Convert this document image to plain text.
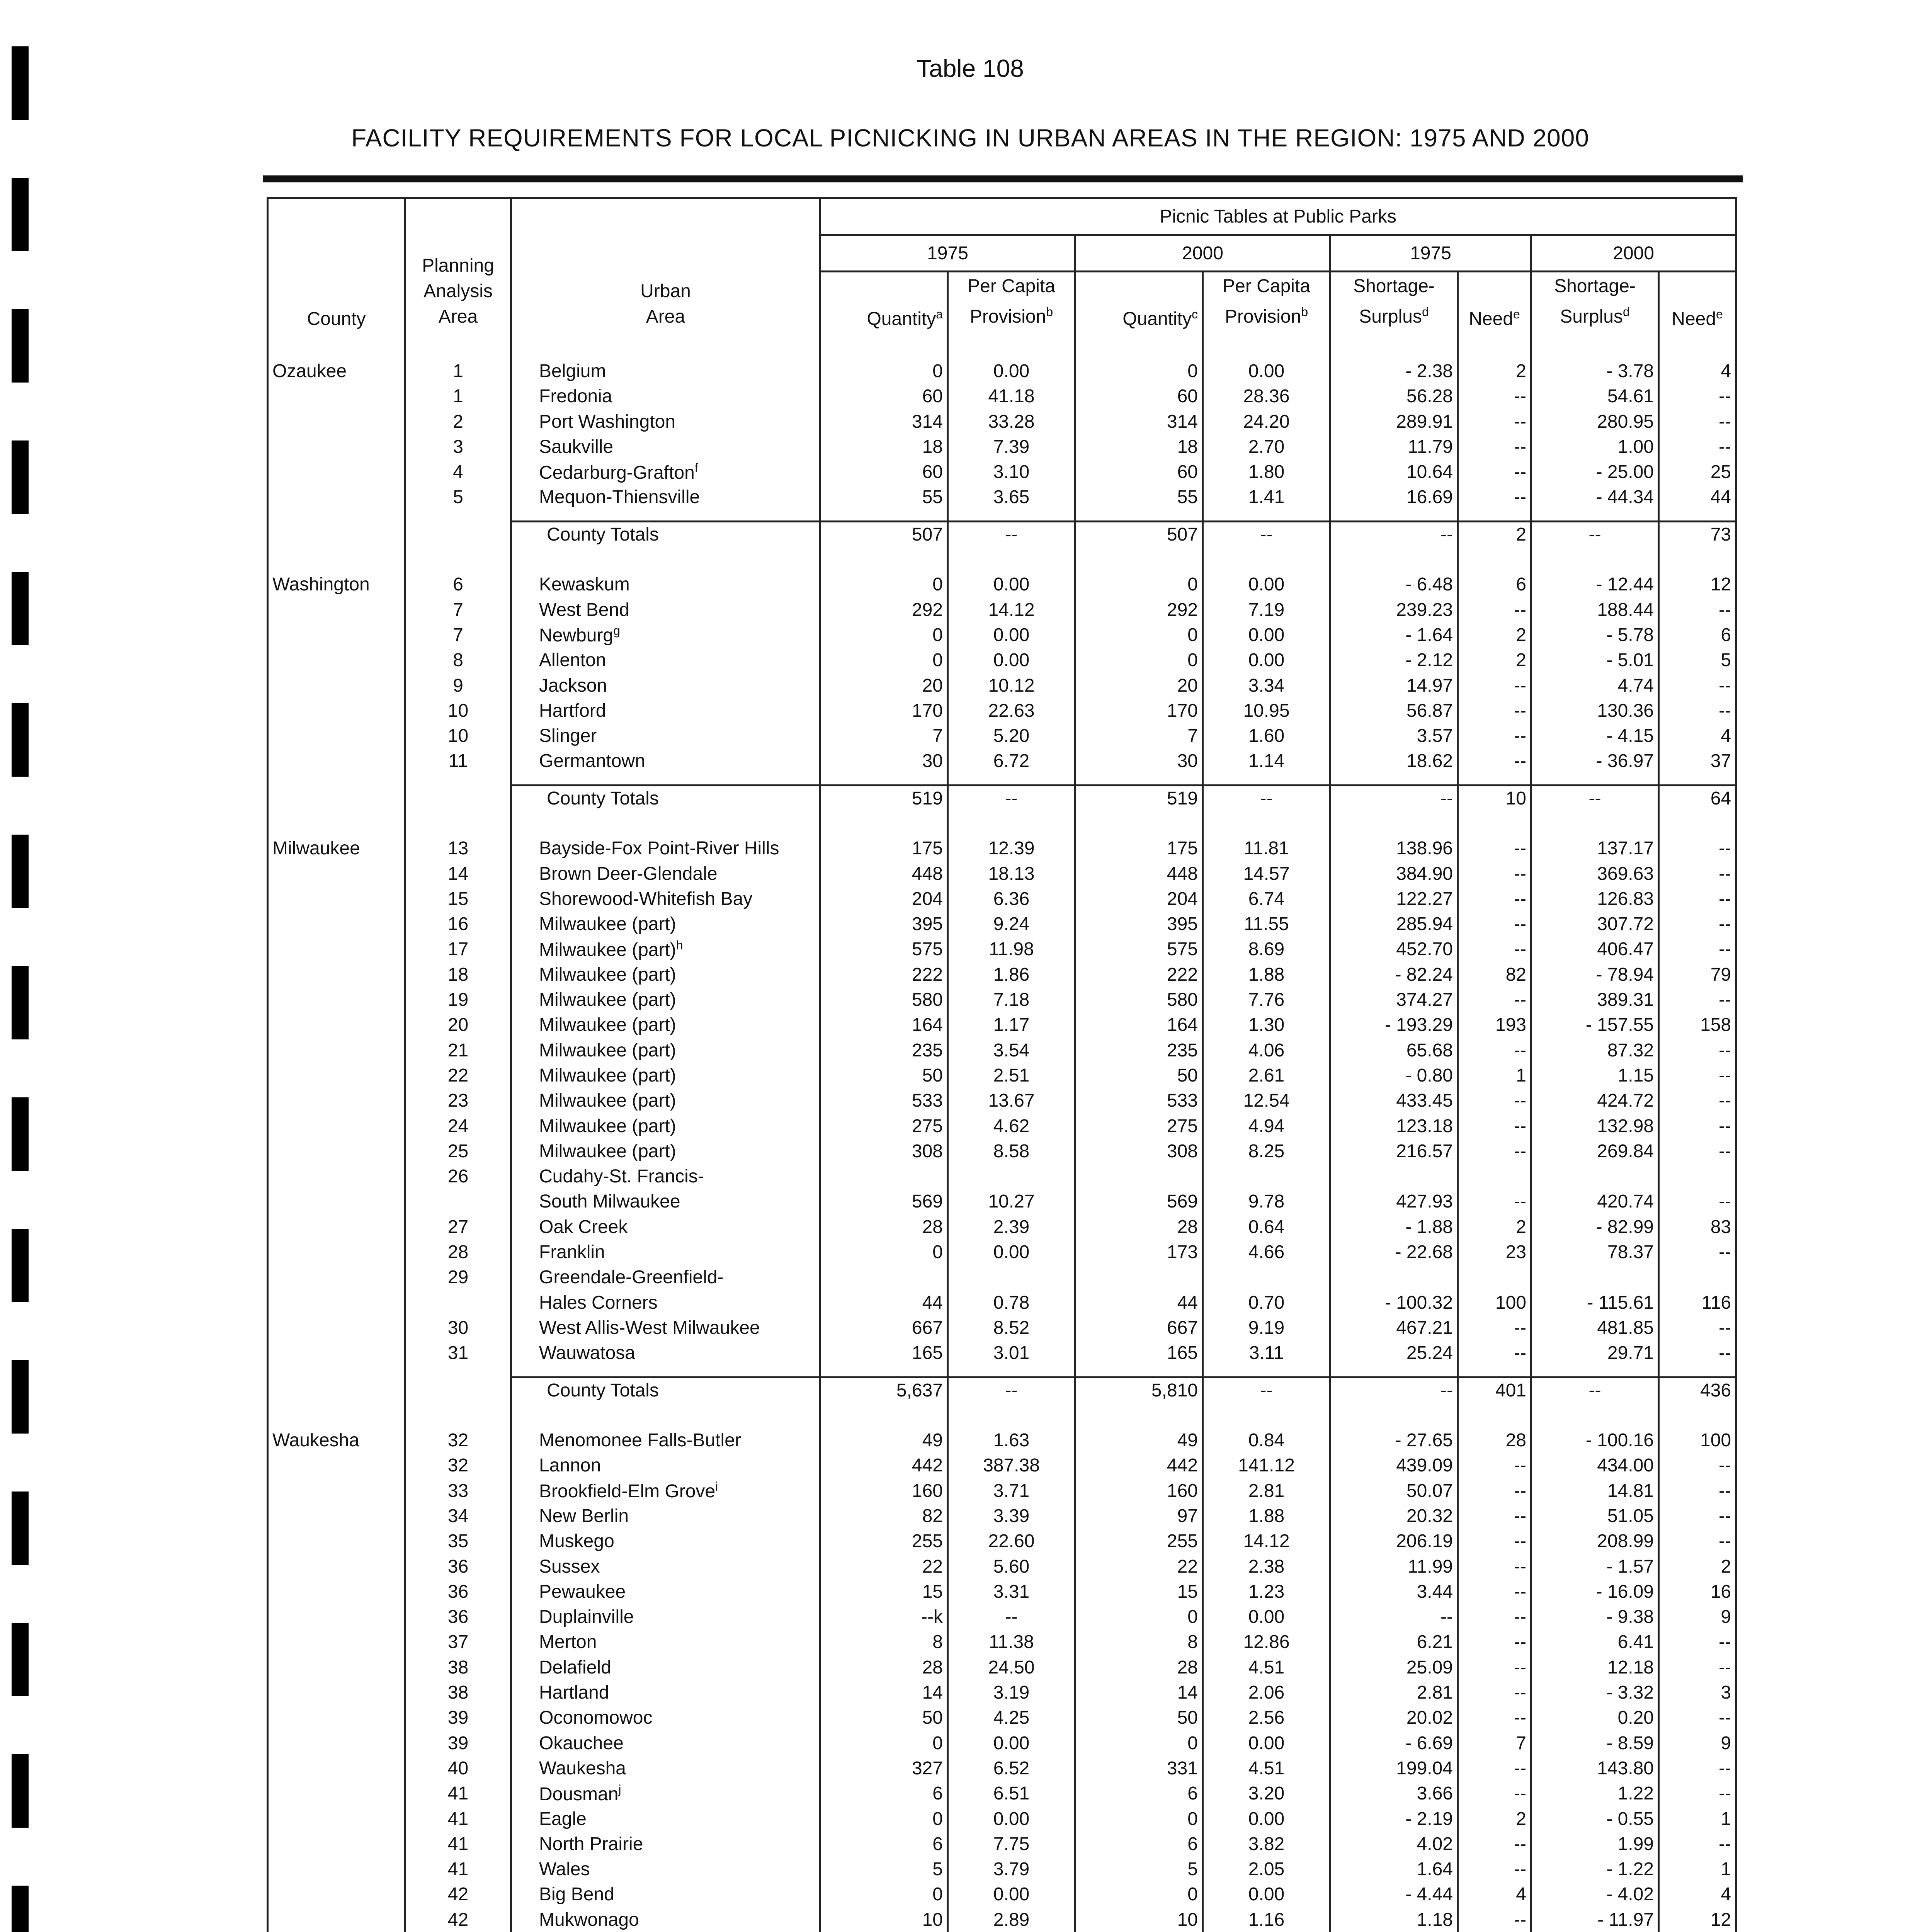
Table 108
FACILITY REQUIREMENTS FOR LOCAL PICNICKING IN URBAN AREAS IN THE REGION: 1975 AND 2000
County	Planning
Analysis
Area	Urban
Area	Picnic Tables at Public Parks							
			1975		2000		1975		2000	
			Quantity$^a$	Per Capita
Provision$^b$	Quantity$^c$	Per Capita
Provision$^b$	Shortage-
Surplus$^d$	Need$^e$	Shortage-
Surplus$^d$	Need$^e$

Ozaukee	1	Belgium	0	0.00	0	0.00	- 2.38	2	- 3.78	4
	1	Fredonia	60	41.18	60	28.36	56.28	--	54.61	--
	2	Port Washington	314	33.28	314	24.20	289.91	--	280.95	--
	3	Saukville	18	7.39	18	2.70	11.79	--	1.00	--
	4	Cedarburg-Grafton$^f$	60	3.10	60	1.80	10.64	--	- 25.00	25
	5	Mequon-Thiensville	55	3.65	55	1.41	16.69	--	- 44.34	44

		County Totals	507	--	507	--	--	2	--	73

Washington	6	Kewaskum	0	0.00	0	0.00	- 6.48	6	- 12.44	12
	7	West Bend	292	14.12	292	7.19	239.23	--	188.44	--
	7	Newburg$^g$	0	0.00	0	0.00	- 1.64	2	- 5.78	6
	8	Allenton	0	0.00	0	0.00	- 2.12	2	- 5.01	5
	9	Jackson	20	10.12	20	3.34	14.97	--	4.74	--
	10	Hartford	170	22.63	170	10.95	56.87	--	130.36	--
	10	Slinger	7	5.20	7	1.60	3.57	--	- 4.15	4
	11	Germantown	30	6.72	30	1.14	18.62	--	- 36.97	37

		County Totals	519	--	519	--	--	10	--	64

Milwaukee	13	Bayside-Fox Point-River Hills	175	12.39	175	11.81	138.96	--	137.17	--
	14	Brown Deer-Glendale	448	18.13	448	14.57	384.90	--	369.63	--
	15	Shorewood-Whitefish Bay	204	6.36	204	6.74	122.27	--	126.83	--
	16	Milwaukee (part)	395	9.24	395	11.55	285.94	--	307.72	--
	17	Milwaukee (part)$^h$	575	11.98	575	8.69	452.70	--	406.47	--
	18	Milwaukee (part)	222	1.86	222	1.88	- 82.24	82	- 78.94	79
	19	Milwaukee (part)	580	7.18	580	7.76	374.27	--	389.31	--
	20	Milwaukee (part)	164	1.17	164	1.30	- 193.29	193	- 157.55	158
	21	Milwaukee (part)	235	3.54	235	4.06	65.68	--	87.32	--
	22	Milwaukee (part)	50	2.51	50	2.61	- 0.80	1	1.15	--
	23	Milwaukee (part)	533	13.67	533	12.54	433.45	--	424.72	--
	24	Milwaukee (part)	275	4.62	275	4.94	123.18	--	132.98	--
	25	Milwaukee (part)	308	8.58	308	8.25	216.57	--	269.84	--
	26	Cudahy-St. Francis-								
		South Milwaukee	569	10.27	569	9.78	427.93	--	420.74	--
	27	Oak Creek	28	2.39	28	0.64	- 1.88	2	- 82.99	83
	28	Franklin	0	0.00	173	4.66	- 22.68	23	78.37	--
	29	Greendale-Greenfield-								
		Hales Corners	44	0.78	44	0.70	- 100.32	100	- 115.61	116
	30	West Allis-West Milwaukee	667	8.52	667	9.19	467.21	--	481.85	--
	31	Wauwatosa	165	3.01	165	3.11	25.24	--	29.71	--

		County Totals	5,637	--	5,810	--	--	401	--	436

Waukesha	32	Menomonee Falls-Butler	49	1.63	49	0.84	- 27.65	28	- 100.16	100
	32	Lannon	442	387.38	442	141.12	439.09	--	434.00	--
	33	Brookfield-Elm Grove$^i$	160	3.71	160	2.81	50.07	--	14.81	--
	34	New Berlin	82	3.39	97	1.88	20.32	--	51.05	--
	35	Muskego	255	22.60	255	14.12	206.19	--	208.99	--
	36	Sussex	22	5.60	22	2.38	11.99	--	- 1.57	2
	36	Pewaukee	15	3.31	15	1.23	3.44	--	- 16.09	16
	36	Duplainville	--k	--	0	0.00	--	--	- 9.38	9
	37	Merton	8	11.38	8	12.86	6.21	--	6.41	--
	38	Delafield	28	24.50	28	4.51	25.09	--	12.18	--
	38	Hartland	14	3.19	14	2.06	2.81	--	- 3.32	3
	39	Oconomowoc	50	4.25	50	2.56	20.02	--	0.20	--
	39	Okauchee	0	0.00	0	0.00	- 6.69	7	- 8.59	9
	40	Waukesha	327	6.52	331	4.51	199.04	--	143.80	--
	41	Dousman$^j$	6	6.51	6	3.20	3.66	--	1.22	--
	41	Eagle	0	0.00	0	0.00	- 2.19	2	- 0.55	1
	41	North Prairie	6	7.75	6	3.82	4.02	--	1.99	--
	41	Wales	5	3.79	5	2.05	1.64	--	- 1.22	1
	42	Big Bend	0	0.00	0	0.00	- 4.44	4	- 4.02	4
	42	Mukwonago	10	2.89	10	1.16	1.18	--	- 11.97	12
